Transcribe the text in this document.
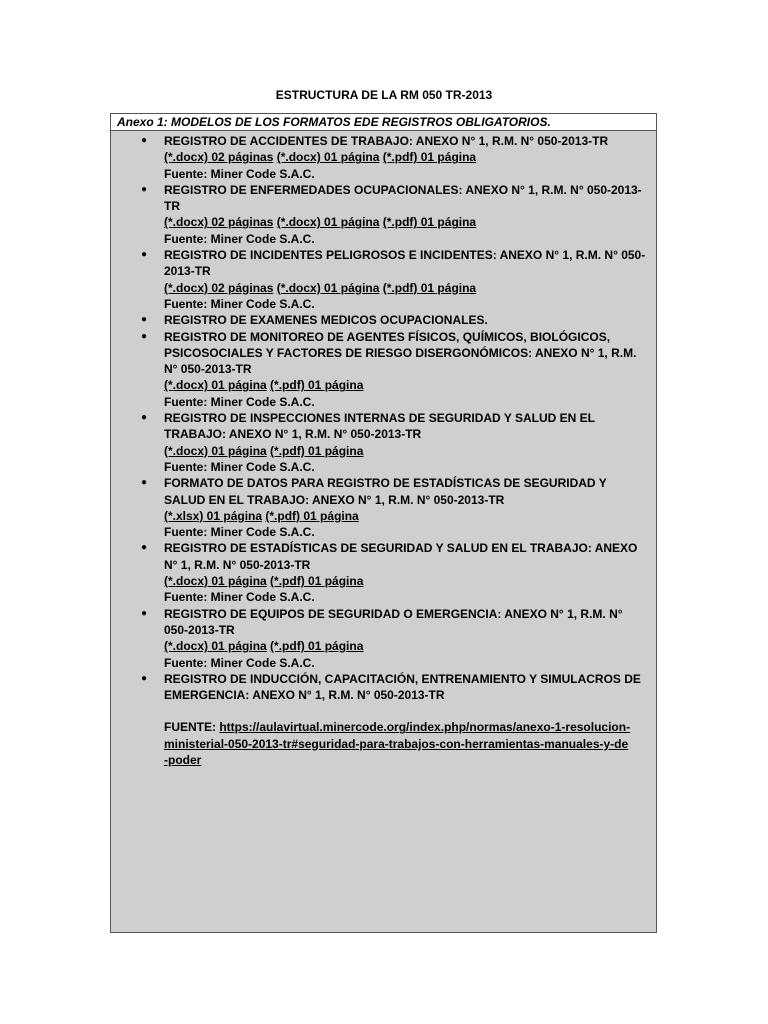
ESTRUCTURA DE LA RM 050 TR-2013
Anexo 1: MODELOS DE LOS FORMATOS EDE REGISTROS OBLIGATORIOS.
● REGISTRO DE ACCIDENTES DE TRABAJO: ANEXO N° 1, R.M. N° 050-2013-TR
(*.docx) 02 páginas (*.docx) 01 página (*.pdf) 01 página
Fuente: Miner Code S.A.C.
● REGISTRO DE ENFERMEDADES OCUPACIONALES: ANEXO N° 1, R.M. N° 050-2013-TR
(*.docx) 02 páginas (*.docx) 01 página (*.pdf) 01 página
Fuente: Miner Code S.A.C.
● REGISTRO DE INCIDENTES PELIGROSOS E INCIDENTES: ANEXO N° 1, R.M. N° 050-2013-TR
(*.docx) 02 páginas (*.docx) 01 página (*.pdf) 01 página
Fuente: Miner Code S.A.C.
● REGISTRO DE EXAMENES MEDICOS OCUPACIONALES.
● REGISTRO DE MONITOREO DE AGENTES FÍSICOS, QUÍMICOS, BIOLÓGICOS, PSICOSOCIALES Y FACTORES DE RIESGO DISERGONÓMICOS: ANEXO N° 1, R.M. N° 050-2013-TR
(*.docx) 01 página (*.pdf) 01 página
Fuente: Miner Code S.A.C.
● REGISTRO DE INSPECCIONES INTERNAS DE SEGURIDAD Y SALUD EN EL TRABAJO: ANEXO N° 1, R.M. N° 050-2013-TR
(*.docx) 01 página (*.pdf) 01 página
Fuente: Miner Code S.A.C.
● FORMATO DE DATOS PARA REGISTRO DE ESTADÍSTICAS DE SEGURIDAD Y SALUD EN EL TRABAJO: ANEXO N° 1, R.M. N° 050-2013-TR
(*.xlsx) 01 página (*.pdf) 01 página
Fuente: Miner Code S.A.C.
● REGISTRO DE ESTADÍSTICAS DE SEGURIDAD Y SALUD EN EL TRABAJO: ANEXO N° 1, R.M. N° 050-2013-TR
(*.docx) 01 página (*.pdf) 01 página
Fuente: Miner Code S.A.C.
● REGISTRO DE EQUIPOS DE SEGURIDAD O EMERGENCIA: ANEXO N° 1, R.M. N° 050-2013-TR
(*.docx) 01 página (*.pdf) 01 página
Fuente: Miner Code S.A.C.
● REGISTRO DE INDUCCIÓN, CAPACITACIÓN, ENTRENAMIENTO Y SIMULACROS DE EMERGENCIA: ANEXO N° 1, R.M. N° 050-2013-TR
FUENTE: https://aulavirtual.minercode.org/index.php/normas/anexo-1-resolucion-ministerial-050-2013-tr#seguridad-para-trabajos-con-herramientas-manuales-y-de-poder
